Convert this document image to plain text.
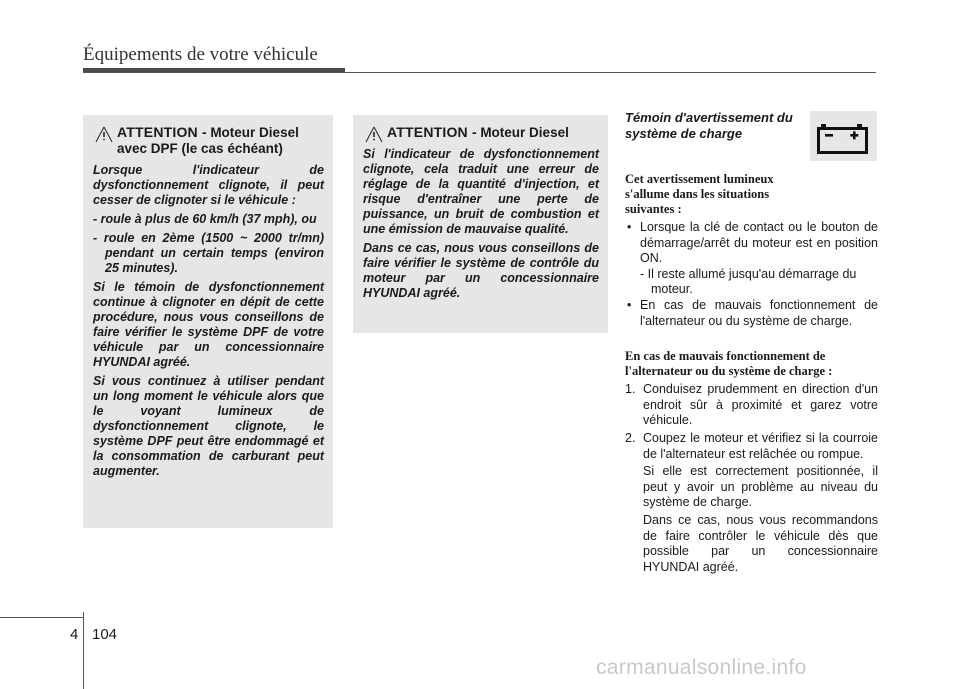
Équipements de votre véhicule
ATTENTION - Moteur Diesel avec DPF (le cas échéant)

Lorsque l'indicateur de dysfonctionnement clignote, il peut cesser de clignoter si le véhicule :

- roule à plus de 60 km/h (37 mph), ou

- roule en 2ème (1500 ~ 2000 tr/mn) pendant un certain temps (environ 25 minutes).

Si le témoin de dysfonctionnement continue à clignoter en dépit de cette procédure, nous vous conseillons de faire vérifier le système DPF de votre véhicule par un concessionnaire HYUNDAI agréé.

Si vous continuez à utiliser pendant un long moment le véhicule alors que le voyant lumineux de dysfonctionnement clignote, le système DPF peut être endommagé et la consommation de carburant peut augmenter.

ATTENTION - Moteur Diesel

Si l'indicateur de dysfonctionnement clignote, cela traduit une erreur de réglage de la quantité d'injection, et risque d'entraîner une perte de puissance, un bruit de combustion et une émission de mauvaise qualité.

Dans ce cas, nous vous conseillons de faire vérifier le système de contrôle du moteur par un concessionnaire HYUNDAI agréé.

Témoin d'avertissement du système de charge

Cet avertissement lumineux s'allume dans les situations suivantes :

• Lorsque la clé de contact ou le bouton de démarrage/arrêt du moteur est en position ON.

- Il reste allumé jusqu'au démarrage du moteur.

• En cas de mauvais fonctionnement de l'alternateur ou du système de charge.

En cas de mauvais fonctionnement de l'alternateur ou du système de charge :

1. Conduisez prudemment en direction d'un endroit sûr à proximité et garez votre véhicule.

2. Coupez le moteur et vérifiez si la courroie de l'alternateur est relâchée ou rompue.

Si elle est correctement positionnée, il peut y avoir un problème au niveau du système de charge.

Dans ce cas, nous vous recommandons de faire contrôler le véhicule dès que possible par un concessionnaire HYUNDAI agréé.

4 104
carmanualsonline.info
